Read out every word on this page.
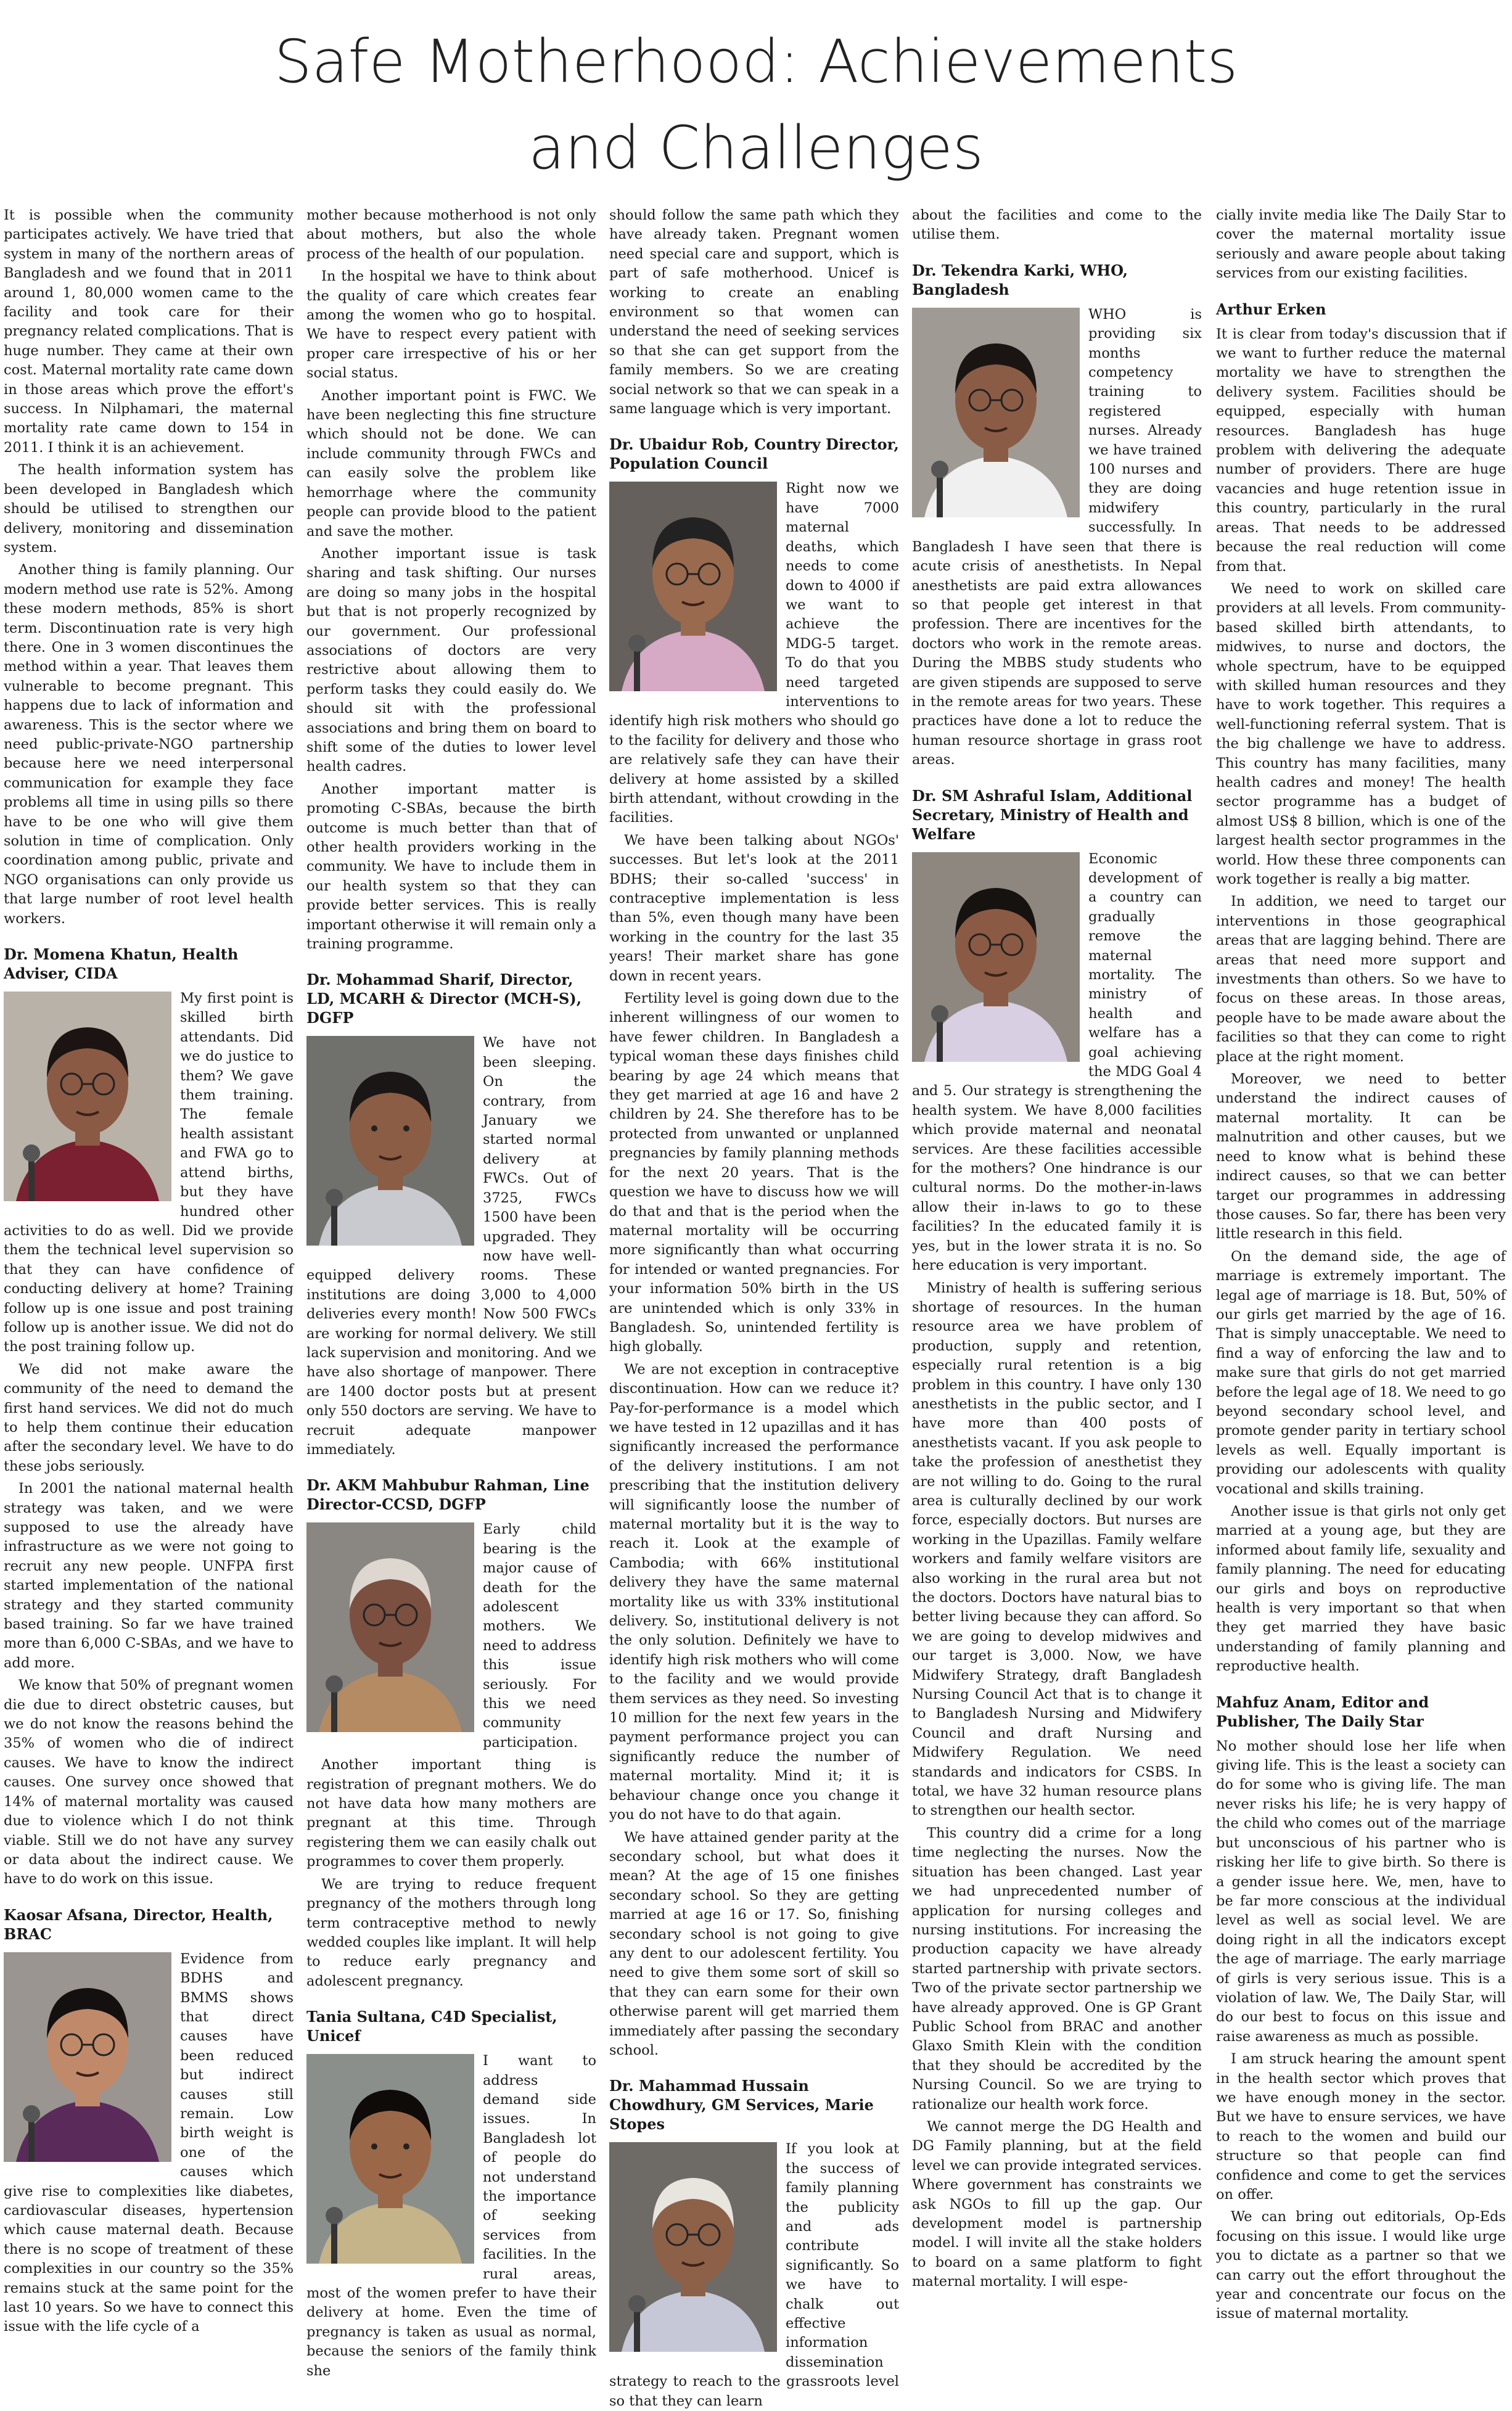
Safe Motherhood: Achievements
and Challenges

It is possible when the community participates actively. We have tried that system in many of the northern areas of Bangladesh and we found that in 2011 around 1, 80,000 women came to the facility and took care for their pregnancy related complications. That is huge number. They came at their own cost. Maternal mortality rate came down in those areas which prove the effort's success. In Nilphamari, the maternal mortality rate came down to 154 in 2011. I think it is an achievement.

The health information system has been developed in Bangladesh which should be utilised to strengthen our delivery, monitoring and dissemination system.

Another thing is family planning. Our modern method use rate is 52%. Among these modern methods, 85% is short term. Discontinuation rate is very high there. One in 3 women discontinues the method within a year. That leaves them vulnerable to become pregnant. This happens due to lack of information and awareness. This is the sector where we need public-private-NGO partnership because here we need interpersonal communication for example they face problems all time in using pills so there have to be one who will give them solution in time of complication. Only coordination among public, private and NGO organisations can only provide us that large number of root level health workers.

Dr. Momena Khatun, Health Adviser, CIDA

My first point is skilled birth attendants. Did we do justice to them? We gave them training. The female health assistant and FWA go to attend births, but they have hundred other activities to do as well. Did we provide them the technical level supervision so that they can have confidence of conducting delivery at home? Training follow up is one issue and post training follow up is another issue. We did not do the post training follow up.

We did not make aware the community of the need to demand the first hand services. We did not do much to help them continue their education after the secondary level. We have to do these jobs seriously.

In 2001 the national maternal health strategy was taken, and we were supposed to use the already have infrastructure as we were not going to recruit any new people. UNFPA first started implementation of the national strategy and they started community based training. So far we have trained more than 6,000 C-SBAs, and we have to add more.

We know that 50% of pregnant women die due to direct obstetric causes, but we do not know the reasons behind the 35% of women who die of indirect causes. We have to know the indirect causes. One survey once showed that 14% of maternal mortality was caused due to violence which I do not think viable. Still we do not have any survey or data about the indirect cause. We have to do work on this issue.

Kaosar Afsana, Director, Health, BRAC

Evidence from BDHS and BMMS shows that direct causes have been reduced but indirect causes still remain. Low birth weight is one of the causes which give rise to complexities like diabetes, cardiovascular diseases, hypertension which cause maternal death. Because there is no scope of treatment of these complexities in our country so the 35% remains stuck at the same point for the last 10 years. So we have to connect this issue with the life cycle of a

mother because motherhood is not only about mothers, but also the whole process of the health of our population.

In the hospital we have to think about the quality of care which creates fear among the women who go to hospital. We have to respect every patient with proper care irrespective of his or her social status.

Another important point is FWC. We have been neglecting this fine structure which should not be done. We can include community through FWCs and can easily solve the problem like hemorrhage where the community people can provide blood to the patient and save the mother.

Another important issue is task sharing and task shifting. Our nurses are doing so many jobs in the hospital but that is not properly recognized by our government. Our professional associations of doctors are very restrictive about allowing them to perform tasks they could easily do. We should sit with the professional associations and bring them on board to shift some of the duties to lower level health cadres.

Another important matter is promoting C-SBAs, because the birth outcome is much better than that of other health providers working in the community. We have to include them in our health system so that they can provide better services. This is really important otherwise it will remain only a training programme.

Dr. Mohammad Sharif, Director, LD, MCARH & Director (MCH-S), DGFP

We have not been sleeping. On the contrary, from January we started normal delivery at FWCs. Out of 3725, FWCs 1500 have been upgraded. They now have well-equipped delivery rooms. These institutions are doing 3,000 to 4,000 deliveries every month! Now 500 FWCs are working for normal delivery. We still lack supervision and monitoring. And we have also shortage of manpower. There are 1400 doctor posts but at present only 550 doctors are serving. We have to recruit adequate manpower immediately.

Dr. AKM Mahbubur Rahman, Line Director-CCSD, DGFP

Early child bearing is the major cause of death for the adolescent mothers. We need to address this issue seriously. For this we need community participation.

Another important thing is registration of pregnant mothers. We do not have data how many mothers are pregnant at this time. Through registering them we can easily chalk out programmes to cover them properly.

We are trying to reduce frequent pregnancy of the mothers through long term contraceptive method to newly wedded couples like implant. It will help to reduce early pregnancy and adolescent pregnancy.

Tania Sultana, C4D Specialist, Unicef

I want to address demand side issues. In Bangladesh lot of people do not understand the importance of seeking services from facilities. In the rural areas, most of the women prefer to have their delivery at home. Even the time of pregnancy is taken as usual as normal, because the seniors of the family think she

should follow the same path which they have already taken. Pregnant women need special care and support, which is part of safe motherhood. Unicef is working to create an enabling environment so that women can understand the need of seeking services so that she can get support from the family members. So we are creating social network so that we can speak in a same language which is very important.

Dr. Ubaidur Rob, Country Director, Population Council

Right now we have 7000 maternal deaths, which needs to come down to 4000 if we want to achieve the MDG-5 target. To do that you need targeted interventions to identify high risk mothers who should go to the facility for delivery and those who are relatively safe they can have their delivery at home assisted by a skilled birth attendant, without crowding in the facilities.

We have been talking about NGOs' successes. But let's look at the 2011 BDHS; their so-called 'success' in contraceptive implementation is less than 5%, even though many have been working in the country for the last 35 years! Their market share has gone down in recent years.

Fertility level is going down due to the inherent willingness of our women to have fewer children. In Bangladesh a typical woman these days finishes child bearing by age 24 which means that they get married at age 16 and have 2 children by 24. She therefore has to be protected from unwanted or unplanned pregnancies by family planning methods for the next 20 years. That is the question we have to discuss how we will do that and that is the period when the maternal mortality will be occurring more significantly than what occurring for intended or wanted pregnancies. For your information 50% birth in the US are unintended which is only 33% in Bangladesh. So, unintended fertility is high globally.

We are not exception in contraceptive discontinuation. How can we reduce it? Pay-for-performance is a model which we have tested in 12 upazillas and it has significantly increased the performance of the delivery institutions. I am not prescribing that the institution delivery will significantly loose the number of maternal mortality but it is the way to reach it. Look at the example of Cambodia; with 66% institutional delivery they have the same maternal mortality like us with 33% institutional delivery. So, institutional delivery is not the only solution. Definitely we have to identify high risk mothers who will come to the facility and we would provide them services as they need. So investing 10 million for the next few years in the payment performance project you can significantly reduce the number of maternal mortality. Mind it; it is behaviour change once you change it you do not have to do that again.

We have attained gender parity at the secondary school, but what does it mean? At the age of 15 one finishes secondary school. So they are getting married at age 16 or 17. So, finishing secondary school is not going to give any dent to our adolescent fertility. You need to give them some sort of skill so that they can earn some for their own otherwise parent will get married them immediately after passing the secondary school.

Dr. Mahammad Hussain Chowdhury, GM Services, Marie Stopes

If you look at the success of family planning the publicity and ads contribute significantly. So we have to chalk out effective information dissemination strategy to reach to the grassroots level so that they can learn

about the facilities and come to the utilise them.

Dr. Tekendra Karki, WHO, Bangladesh

WHO is providing six months competency training to registered nurses. Already we have trained 100 nurses and they are doing midwifery successfully. In Bangladesh I have seen that there is acute crisis of anesthetists. In Nepal anesthetists are paid extra allowances so that people get interest in that profession. There are incentives for the doctors who work in the remote areas. During the MBBS study students who are given stipends are supposed to serve in the remote areas for two years. These practices have done a lot to reduce the human resource shortage in grass root areas.

Dr. SM Ashraful Islam, Additional Secretary, Ministry of Health and Welfare

Economic development of a country can gradually remove the maternal mortality. The ministry of health and welfare has a goal achieving the MDG Goal 4 and 5. Our strategy is strengthening the health system. We have 8,000 facilities which provide maternal and neonatal services. Are these facilities accessible for the mothers? One hindrance is our cultural norms. Do the mother-in-laws allow their in-laws to go to these facilities? In the educated family it is yes, but in the lower strata it is no. So here education is very important.

Ministry of health is suffering serious shortage of resources. In the human resource area we have problem of production, supply and retention, especially rural retention is a big problem in this country. I have only 130 anesthetists in the public sector, and I have more than 400 posts of anesthetists vacant. If you ask people to take the profession of anesthetist they are not willing to do. Going to the rural area is culturally declined by our work force, especially doctors. But nurses are working in the Upazillas. Family welfare workers and family welfare visitors are also working in the rural area but not the doctors. Doctors have natural bias to better living because they can afford. So we are going to develop midwives and our target is 3,000. Now, we have Midwifery Strategy, draft Bangladesh Nursing Council Act that is to change it to Bangladesh Nursing and Midwifery Council and draft Nursing and Midwifery Regulation. We need standards and indicators for CSBS. In total, we have 32 human resource plans to strengthen our health sector.

This country did a crime for a long time neglecting the nurses. Now the situation has been changed. Last year we had unprecedented number of application for nursing colleges and nursing institutions. For increasing the production capacity we have already started partnership with private sectors. Two of the private sector partnership we have already approved. One is GP Grant Public School from BRAC and another Glaxo Smith Klein with the condition that they should be accredited by the Nursing Council. So we are trying to rationalize our health work force.

We cannot merge the DG Health and DG Family planning, but at the field level we can provide integrated services. Where government has constraints we ask NGOs to fill up the gap. Our development model is partnership model. I will invite all the stake holders to board on a same platform to fight maternal mortality. I will espe-

cially invite media like The Daily Star to cover the maternal mortality issue seriously and aware people about taking services from our existing facilities.

Arthur Erken

It is clear from today's discussion that if we want to further reduce the maternal mortality we have to strengthen the delivery system. Facilities should be equipped, especially with human resources. Bangladesh has huge problem with delivering the adequate number of providers. There are huge vacancies and huge retention issue in this country, particularly in the rural areas. That needs to be addressed because the real reduction will come from that.

We need to work on skilled care providers at all levels. From community-based skilled birth attendants, to midwives, to nurse and doctors, the whole spectrum, have to be equipped with skilled human resources and they have to work together. This requires a well-functioning referral system. That is the big challenge we have to address. This country has many facilities, many health cadres and money! The health sector programme has a budget of almost US$ 8 billion, which is one of the largest health sector programmes in the world. How these three components can work together is really a big matter.

In addition, we need to target our interventions in those geographical areas that are lagging behind. There are areas that need more support and investments than others. So we have to focus on these areas. In those areas, people have to be made aware about the facilities so that they can come to right place at the right moment.

Moreover, we need to better understand the indirect causes of maternal mortality. It can be malnutrition and other causes, but we need to know what is behind these indirect causes, so that we can better target our programmes in addressing those causes. So far, there has been very little research in this field.

On the demand side, the age of marriage is extremely important. The legal age of marriage is 18. But, 50% of our girls get married by the age of 16. That is simply unacceptable. We need to find a way of enforcing the law and to make sure that girls do not get married before the legal age of 18. We need to go beyond secondary school level, and promote gender parity in tertiary school levels as well. Equally important is providing our adolescents with quality vocational and skills training.

Another issue is that girls not only get married at a young age, but they are informed about family life, sexuality and family planning. The need for educating our girls and boys on reproductive health is very important so that when they get married they have basic understanding of family planning and reproductive health.

Mahfuz Anam, Editor and Publisher, The Daily Star

No mother should lose her life when giving life. This is the least a society can do for some who is giving life. The man never risks his life; he is very happy of the child who comes out of the marriage but unconscious of his partner who is risking her life to give birth. So there is a gender issue here. We, men, have to be far more conscious at the individual level as well as social level. We are doing right in all the indicators except the age of marriage. The early marriage of girls is very serious issue. This is a violation of law. We, The Daily Star, will do our best to focus on this issue and raise awareness as much as possible.

I am struck hearing the amount spent in the health sector which proves that we have enough money in the sector. But we have to ensure services, we have to reach to the women and build our structure so that people can find confidence and come to get the services on offer.

We can bring out editorials, Op-Eds focusing on this issue. I would like urge you to dictate as a partner so that we can carry out the effort throughout the year and concentrate our focus on the issue of maternal mortality.
